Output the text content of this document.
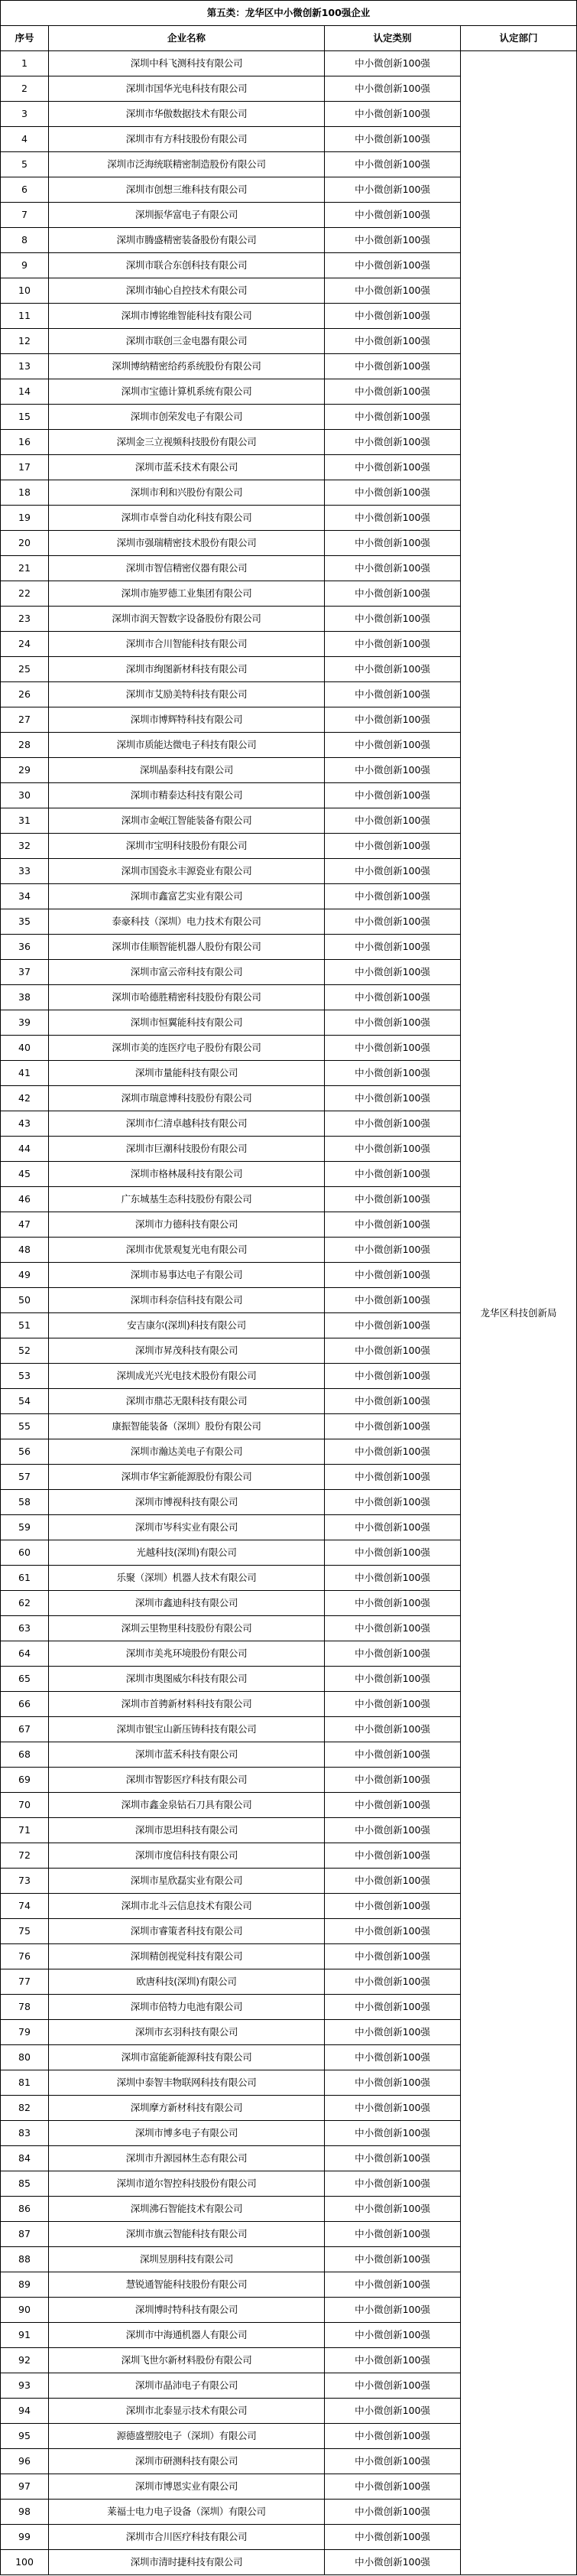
第五类：龙华区中小微创新100强企业			
序号	企业名称	认定类别	认定部门
1	深圳中科飞测科技有限公司	中小微创新100强	龙华区科技创新局
2	深圳市国华光电科技有限公司	中小微创新100强	
3	深圳市华傲数据技术有限公司	中小微创新100强	
4	深圳市有方科技股份有限公司	中小微创新100强	
5	深圳市泛海统联精密制造股份有限公司	中小微创新100强	
6	深圳市创想三维科技有限公司	中小微创新100强	
7	深圳振华富电子有限公司	中小微创新100强	
8	深圳市腾盛精密装备股份有限公司	中小微创新100强	
9	深圳市联合东创科技有限公司	中小微创新100强	
10	深圳市轴心自控技术有限公司	中小微创新100强	
11	深圳市博铭维智能科技有限公司	中小微创新100强	
12	深圳市联创三金电器有限公司	中小微创新100强	
13	深圳博纳精密给药系统股份有限公司	中小微创新100强	
14	深圳市宝德计算机系统有限公司	中小微创新100强	
15	深圳市创荣发电子有限公司	中小微创新100强	
16	深圳金三立视频科技股份有限公司	中小微创新100强	
17	深圳市蓝禾技术有限公司	中小微创新100强	
18	深圳市利和兴股份有限公司	中小微创新100强	
19	深圳市卓誉自动化科技有限公司	中小微创新100强	
20	深圳市强瑞精密技术股份有限公司	中小微创新100强	
21	深圳市智信精密仪器有限公司	中小微创新100强	
22	深圳市施罗德工业集团有限公司	中小微创新100强	
23	深圳市润天智数字设备股份有限公司	中小微创新100强	
24	深圳市合川智能科技有限公司	中小微创新100强	
25	深圳市绚图新材科技有限公司	中小微创新100强	
26	深圳市艾励美特科技有限公司	中小微创新100强	
27	深圳市博辉特科技有限公司	中小微创新100强	
28	深圳市质能达微电子科技有限公司	中小微创新100强	
29	深圳晶泰科技有限公司	中小微创新100强	
30	深圳市精泰达科技有限公司	中小微创新100强	
31	深圳市金岷江智能装备有限公司	中小微创新100强	
32	深圳市宝明科技股份有限公司	中小微创新100强	
33	深圳市国瓷永丰源瓷业有限公司	中小微创新100强	
34	深圳市鑫富艺实业有限公司	中小微创新100强	
35	泰豪科技（深圳）电力技术有限公司	中小微创新100强	
36	深圳市佳顺智能机器人股份有限公司	中小微创新100强	
37	深圳市富云帝科技有限公司	中小微创新100强	
38	深圳市哈德胜精密科技股份有限公司	中小微创新100强	
39	深圳市恒翼能科技有限公司	中小微创新100强	
40	深圳市美的连医疗电子股份有限公司	中小微创新100强	
41	深圳市量能科技有限公司	中小微创新100强	
42	深圳市瑞意博科技股份有限公司	中小微创新100强	
43	深圳市仁清卓越科技有限公司	中小微创新100强	
44	深圳市巨潮科技股份有限公司	中小微创新100强	
45	深圳市格林晟科技有限公司	中小微创新100强	
46	广东城基生态科技股份有限公司	中小微创新100强	
47	深圳市力德科技有限公司	中小微创新100强	
48	深圳市优景观复光电有限公司	中小微创新100强	
49	深圳市易事达电子有限公司	中小微创新100强	
50	深圳市科奈信科技有限公司	中小微创新100强	
51	安吉康尔(深圳)科技有限公司	中小微创新100强	
52	深圳市昇茂科技有限公司	中小微创新100强	
53	深圳成光兴光电技术股份有限公司	中小微创新100强	
54	深圳市鼎芯无限科技有限公司	中小微创新100强	
55	康振智能装备（深圳）股份有限公司	中小微创新100强	
56	深圳市瀚达美电子有限公司	中小微创新100强	
57	深圳市华宝新能源股份有限公司	中小微创新100强	
58	深圳市博视科技有限公司	中小微创新100强	
59	深圳市岑科实业有限公司	中小微创新100强	
60	光越科技(深圳)有限公司	中小微创新100强	
61	乐聚（深圳）机器人技术有限公司	中小微创新100强	
62	深圳市鑫迪科技有限公司	中小微创新100强	
63	深圳云里物里科技股份有限公司	中小微创新100强	
64	深圳市美兆环境股份有限公司	中小微创新100强	
65	深圳市奥图威尔科技有限公司	中小微创新100强	
66	深圳市首骋新材料科技有限公司	中小微创新100强	
67	深圳市银宝山新压铸科技有限公司	中小微创新100强	
68	深圳市蓝禾科技有限公司	中小微创新100强	
69	深圳市智影医疗科技有限公司	中小微创新100强	
70	深圳市鑫金泉钻石刀具有限公司	中小微创新100强	
71	深圳市思坦科技有限公司	中小微创新100强	
72	深圳市度信科技有限公司	中小微创新100强	
73	深圳市星欣磊实业有限公司	中小微创新100强	
74	深圳市北斗云信息技术有限公司	中小微创新100强	
75	深圳市睿策者科技有限公司	中小微创新100强	
76	深圳精创视觉科技有限公司	中小微创新100强	
77	欧唐科技(深圳)有限公司	中小微创新100强	
78	深圳市倍特力电池有限公司	中小微创新100强	
79	深圳市玄羽科技有限公司	中小微创新100强	
80	深圳市富能新能源科技有限公司	中小微创新100强	
81	深圳中泰智丰物联网科技有限公司	中小微创新100强	
82	深圳摩方新材科技有限公司	中小微创新100强	
83	深圳市博多电子有限公司	中小微创新100强	
84	深圳市升源园林生态有限公司	中小微创新100强	
85	深圳市道尔智控科技股份有限公司	中小微创新100强	
86	深圳沸石智能技术有限公司	中小微创新100强	
87	深圳市旗云智能科技有限公司	中小微创新100强	
88	深圳昱朋科技有限公司	中小微创新100强	
89	慧锐通智能科技股份有限公司	中小微创新100强	
90	深圳博时特科技有限公司	中小微创新100强	
91	深圳市中海通机器人有限公司	中小微创新100强	
92	深圳飞世尔新材料股份有限公司	中小微创新100强	
93	深圳市晶沛电子有限公司	中小微创新100强	
94	深圳市北泰显示技术有限公司	中小微创新100强	
95	源德盛塑胶电子（深圳）有限公司	中小微创新100强	
96	深圳市研测科技有限公司	中小微创新100强	
97	深圳市博恩实业有限公司	中小微创新100强	
98	莱福士电力电子设备（深圳）有限公司	中小微创新100强	
99	深圳市合川医疗科技有限公司	中小微创新100强	
100	深圳市清时捷科技有限公司	中小微创新100强	
